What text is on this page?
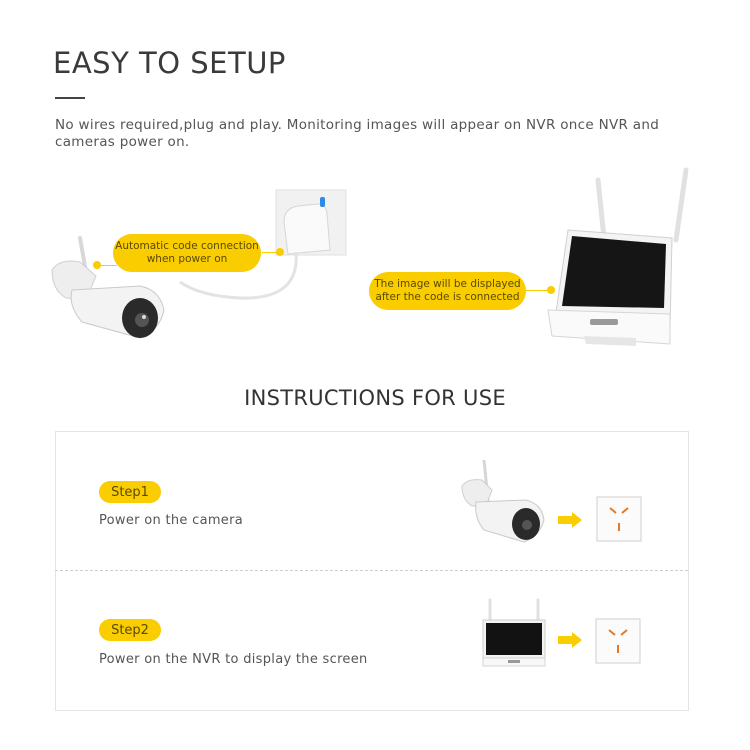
EASY TO SETUP
No wires required,plug and play. Monitoring images will appear on NVR once NVR and cameras power on.
Automatic code connection when power on
The image will be displayed after the code is connected
INSTRUCTIONS FOR USE
Step1
Power on the camera
Step2
Power on the NVR to display the screen
